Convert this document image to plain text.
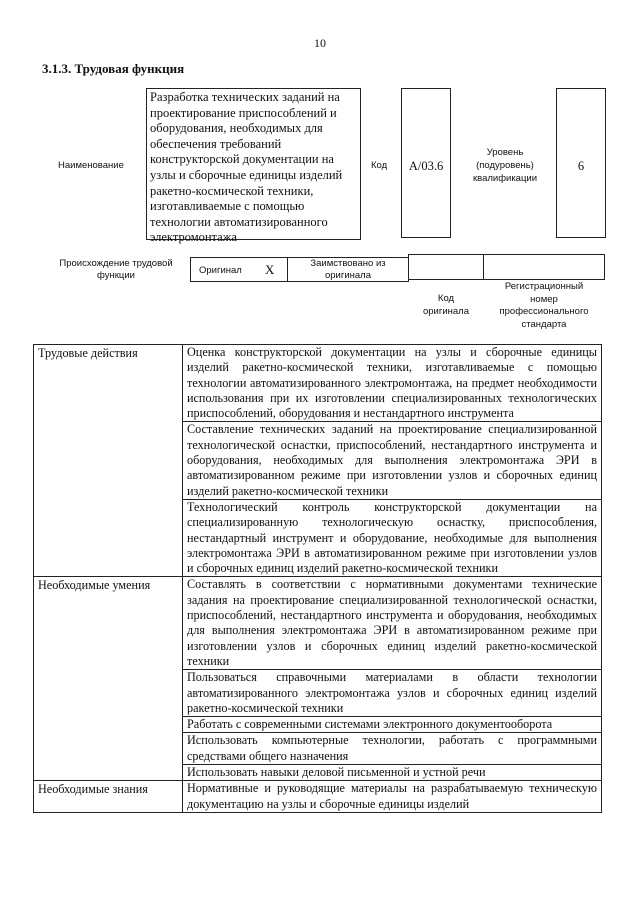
10
3.1.3. Трудовая функция
Наименование
Разработка технических заданий на
проектирование приспособлений и
оборудования, необходимых для
обеспечения требований
конструкторской документации на
узлы и сборочные единицы изделий
ракетно-космической техники,
изготавливаемые с помощью
технологии автоматизированного
электромонтажа
Код	A/03.6
Уровень
(подуровень)
квалификации
6
Происхождение трудовой
функции	Оригинал X	Заимствовано из
оригинала
Код
оригинала
Регистрационный
номер
профессионального
стандарта
Трудовые действия	Оценка конструкторской документации на узлы и сборочные единицы изделий ракетно-космической техники, изготавливаемые с помощью технологии автоматизированного электромонтажа, на предмет необходимости использования при их изготовлении специализированных технологических приспособлений, оборудования и нестандартного инструмента
	Составление технических заданий на проектирование специализированной технологической оснастки, приспособлений, нестандартного инструмента и оборудования, необходимых для выполнения электромонтажа ЭРИ в автоматизированном режиме при изготовлении узлов и сборочных единиц изделий ракетно-космической техники
	Технологический контроль конструкторской документации на специализированную технологическую оснастку, приспособления, нестандартный инструмент и оборудование, необходимые для выполнения электромонтажа ЭРИ в автоматизированном режиме при изготовлении узлов и сборочных единиц изделий ракетно-космической техники
Необходимые умения	Составлять в соответствии с нормативными документами технические задания на проектирование специализированной технологической оснастки, приспособлений, нестандартного инструмента и оборудования, необходимых для выполнения электромонтажа ЭРИ в автоматизированном режиме при изготовлении узлов и сборочных единиц изделий ракетно-космической техники
	Пользоваться справочными материалами в области технологии автоматизированного электромонтажа узлов и сборочных единиц изделий ракетно-космической техники
	Работать с современными системами электронного документооборота
	Использовать компьютерные технологии, работать с программными средствами общего назначения
	Использовать навыки деловой письменной и устной речи
Необходимые знания	Нормативные и руководящие материалы на разрабатываемую техническую документацию на узлы и сборочные единицы изделий
